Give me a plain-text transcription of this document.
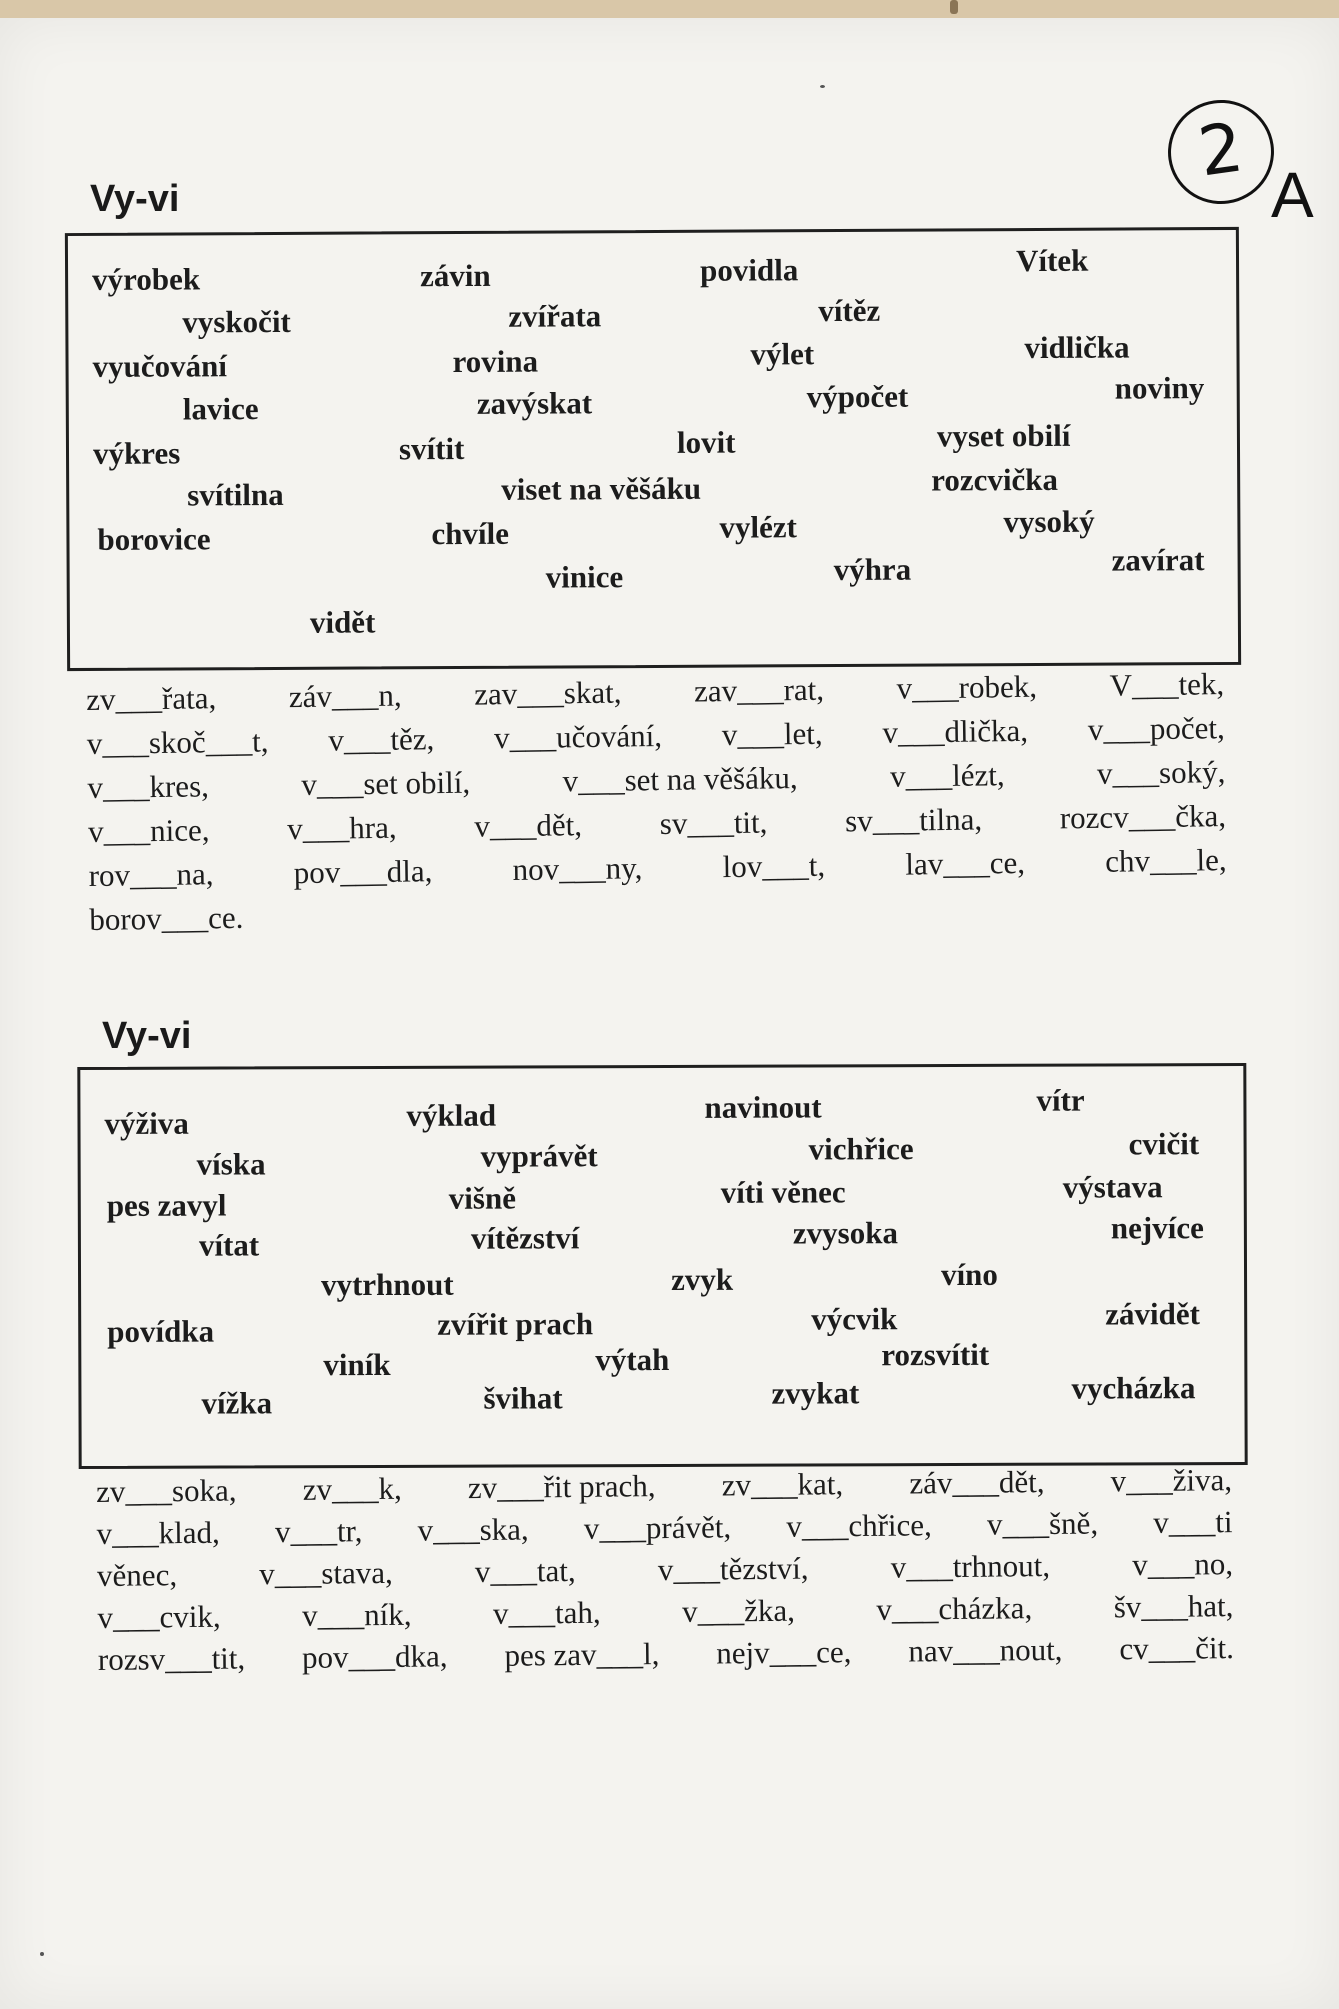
2
A
Vy-vi
výrobek	závin	povidla	Vítek
vyskočit	zvířata	vítěz
vyučování	rovina	výlet	vidlička
lavice	zavýskat	výpočet	noviny
výkres	svítit	lovit	vyset obilí
svítilna	viset na věšáku	rozcvička
borovice	chvíle	vylézt	vysoký
vinice	výhra	zavírat
vidět
zv___řata, záv___n, zav___skat, zav___rat, v___robek, V___tek,
v___skoč___t, v___těz, v___učování, v___let, v___dlička, v___počet,
v___kres,	v___set obilí,	v___set na věšáku,	v___lézt,	v___soký,
v___nice, v___hra, v___dět, sv___tit, sv___tilna, rozcv___čka,
rov___na,	pov___dla,	nov___ny,	lov___t,	lav___ce,	chv___le,
borov___ce.
Vy-vi
výživa	výklad	navinout	vítr
víska	vyprávět	vichřice	cvičit
pes zavyl	višně	víti věnec	výstava
vítat	vítězství	zvysoka	nejvíce
vytrhnout	zvyk	víno
povídka	zvířit prach	výcvik	závidět
viník	výtah	rozsvítit
vížka	švihat	zvykat	vycházka
zv___soka, zv___k, zv___řit prach, zv___kat, záv___dět, v___živa,
v___klad, v___tr, v___ska, v___právět, v___chřice, v___šně, v___ti
věnec,	v___stava,	v___tat,	v___tězství,	v___trhnout,	v___no,
v___cvik,	v___ník,	v___tah,	v___žka,	v___cházka,	šv___hat,
rozsv___tit, pov___dka, pes zav___l, nejv___ce, nav___nout, cv___čit.
